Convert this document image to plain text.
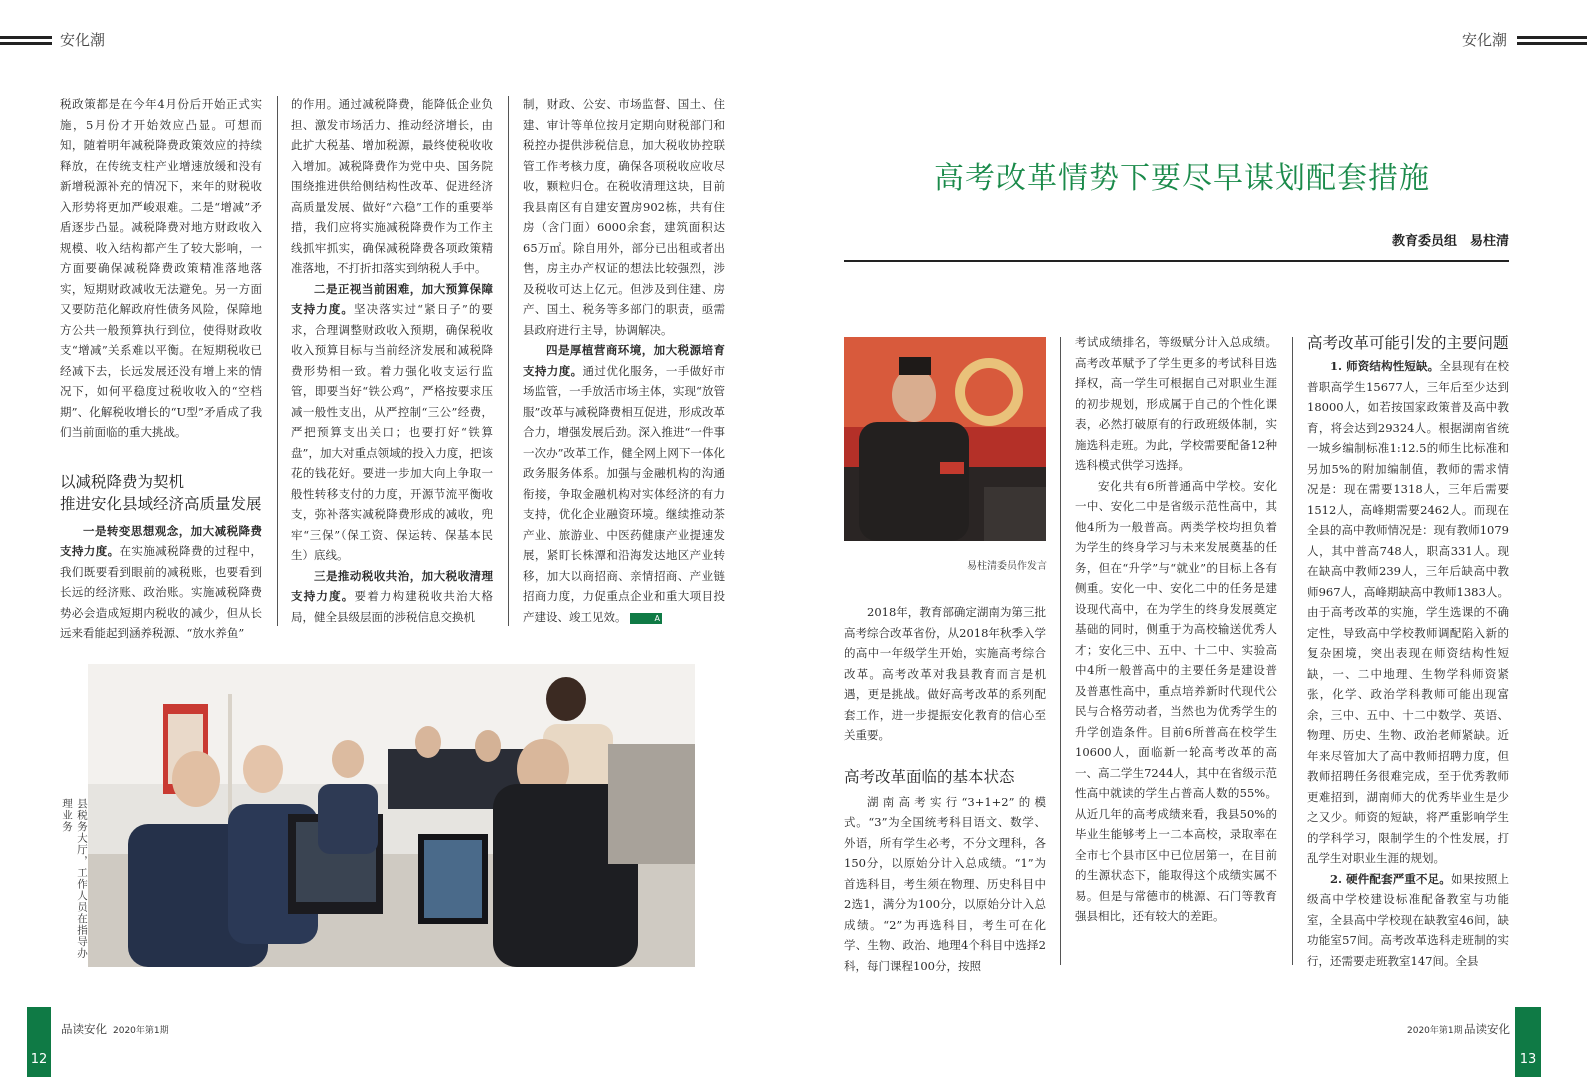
安化潮	安化潮

税政策都是在今年4月份后开始正式实施，5月份才开始效应凸显。可想而知，随着明年减税降费政策效应的持续释放，在传统支柱产业增速放缓和没有新增税源补充的情况下，来年的财税收入形势将更加严峻艰难。二是“增减”矛盾逐步凸显。减税降费对地方财政收入规模、收入结构都产生了较大影响，一方面要确保减税降费政策精准落地落实，短期财政减收无法避免。另一方面又要防范化解政府性债务风险，保障地方公共一般预算执行到位，使得财政收支“增减”关系难以平衡。在短期税收已经减下去，长远发展还没有增上来的情况下，如何平稳度过税收收入的“空档期”、化解税收增长的“U型”矛盾成了我们当前面临的重大挑战。

以减税降费为契机
推进安化县域经济高质量发展

一是转变思想观念，加大减税降费支持力度。在实施减税降费的过程中，我们既要看到眼前的减税账，也要看到长远的经济账、政治账。实施减税降费势必会造成短期内税收的减少，但从长远来看能起到涵养税源、“放水养鱼”

的作用。通过减税降费，能降低企业负担、激发市场活力、推动经济增长，由此扩大税基、增加税源，最终使税收收入增加。减税降费作为党中央、国务院围绕推进供给侧结构性改革、促进经济高质量发展、做好“六稳”工作的重要举措，我们应将实施减税降费作为工作主线抓牢抓实，确保减税降费各项政策精准落地，不打折扣落实到纳税人手中。

二是正视当前困难，加大预算保障支持力度。坚决落实过“紧日子”的要求，合理调整财政收入预期，确保税收收入预算目标与当前经济发展和减税降费形势相一致。着力强化收支运行监管，即要当好“铁公鸡”，严格按要求压减一般性支出，从严控制“三公”经费，严把预算支出关口；也要打好“铁算盘”，加大对重点领域的投入力度，把该花的钱花好。要进一步加大向上争取一般性转移支付的力度，开源节流平衡收支，弥补落实减税降费形成的减收，兜牢“三保”（保工资、保运转、保基本民生）底线。

三是推动税收共治，加大税收清理支持力度。要着力构建税收共治大格局，健全县级层面的涉税信息交换机

制，财政、公安、市场监督、国土、住建、审计等单位按月定期向财税部门和税控办提供涉税信息，加大税收协控联管工作考核力度，确保各项税收应收尽收，颗粒归仓。在税收清理这块，目前我县南区有自建安置房902栋，共有住房（含门面）6000余套，建筑面积达65万㎡。除自用外，部分已出租或者出售，房主办产权证的想法比较强烈，涉及税收可达上亿元。但涉及到住建、房产、国土、税务等多部门的职责，亟需县政府进行主导，协调解决。

四是厚植营商环境，加大税源培育支持力度。通过优化服务，一手做好市场监管，一手放活市场主体，实现“放管服”改革与减税降费相互促进，形成改革合力，增强发展后劲。深入推进“一件事一次办”改革工作，健全网上网下一体化政务服务体系。加强与金融机构的沟通衔接，争取金融机构对实体经济的有力支持，优化企业融资环境。继续推动茶产业、旅游业、中医药健康产业提速发展，紧盯长株潭和沿海发达地区产业转移，加大以商招商、亲情招商、产业链招商力度，力促重点企业和重大项目投产建设、竣工见效。	A

县税务大厅，工作人员在指导办理业务
高考改革情势下要尽早谋划配套措施
教育委员组　易柱清
易柱清委员作发言

2018年，教育部确定湖南为第三批高考综合改革省份，从2018年秋季入学的高中一年级学生开始，实施高考综合改革。高考改革对我县教育而言是机遇，更是挑战。做好高考改革的系列配套工作，进一步提振安化教育的信心至关重要。

高考改革面临的基本状态

湖南高考实行“3+1+2”的模式。“3”为全国统考科目语文、数学、外语，所有学生必考，不分文理科，各150分，以原始分计入总成绩。“1”为首选科目，考生须在物理、历史科目中2选1，满分为100分，以原始分计入总成绩。“2”为再选科目，考生可在化学、生物、政治、地理4个科目中选择2科，每门课程100分，按照

考试成绩排名，等级赋分计入总成绩。高考改革赋予了学生更多的考试科目选择权，高一学生可根据自己对职业生涯的初步规划，形成属于自己的个性化课表，必然打破原有的行政班级体制，实施选科走班。为此，学校需要配备12种选科模式供学习选择。

安化共有6所普通高中学校。安化一中、安化二中是省级示范性高中，其他4所为一般普高。两类学校均担负着为学生的终身学习与未来发展奠基的任务，但在“升学”与“就业”的目标上各有侧重。安化一中、安化二中的任务是建设现代高中，在为学生的终身发展奠定基础的同时，侧重于为高校输送优秀人才；安化三中、五中、十二中、实验高中4所一般普高中的主要任务是建设普及普惠性高中，重点培养新时代现代公民与合格劳动者，当然也为优秀学生的升学创造条件。目前6所普高在校学生10600人，面临新一轮高考改革的高一、高二学生7244人，其中在省级示范性高中就读的学生占普高人数的55%。从近几年的高考成绩来看，我县50%的毕业生能够考上一二本高校，录取率在全市七个县市区中已位居第一，在目前的生源状态下，能取得这个成绩实属不易。但是与常德市的桃源、石门等教育强县相比，还有较大的差距。

高考改革可能引发的主要问题

1. 师资结构性短缺。全县现有在校普职高学生15677人，三年后至少达到18000人，如若按国家政策普及高中教育，将会达到29324人。根据湖南省统一城乡编制标准1:12.5的师生比标准和另加5%的附加编制值，教师的需求情况是：现在需要1318人，三年后需要1512人，高峰期需要2462人。而现在全县的高中教师情况是：现有教师1079人，其中普高748人，职高331人。现在缺高中教师239人，三年后缺高中教师967人，高峰期缺高中教师1383人。由于高考改革的实施，学生选课的不确定性，导致高中学校教师调配陷入新的复杂困境，突出表现在师资结构性短缺，一、二中地理、生物学科师资紧张，化学、政治学科教师可能出现富余，三中、五中、十二中数学、英语、物理、历史、生物、政治老师紧缺。近年来尽管加大了高中教师招聘力度，但教师招聘任务很难完成，至于优秀教师更难招到，湖南师大的优秀毕业生是少之又少。师资的短缺，将严重影响学生的学科学习，限制学生的个性发展，打乱学生对职业生涯的规划。

2. 硬件配套严重不足。如果按照上级高中学校建设标准配备教室与功能室，全县高中学校现在缺教室46间，缺功能室57间。高考改革选科走班制的实行，还需要走班教室147间。全县

12
品读安化 2020年第1期	2020年第1期 品读安化
13
